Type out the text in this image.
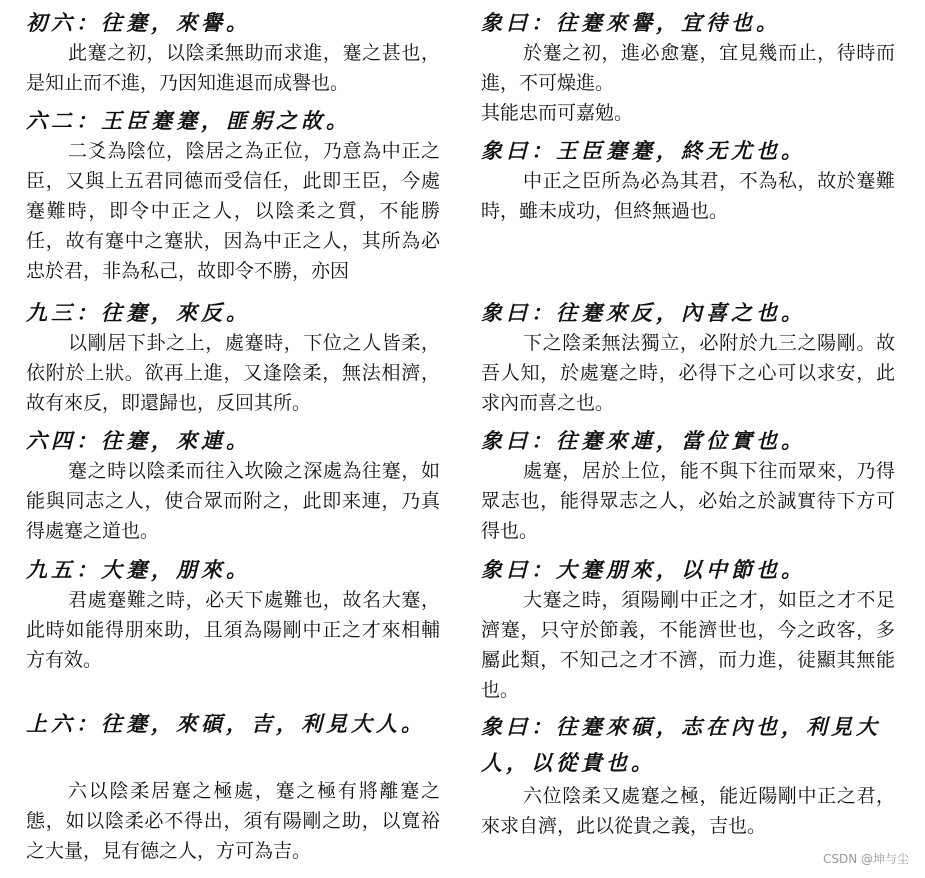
初六：往蹇，來譽。

此蹇之初，以陰柔無助而求進，蹇之甚也，是知止而不進，乃因知進退而成譽也。

象曰：往蹇來譽，宜待也。

於蹇之初，進必愈蹇，宜見幾而止，待時而進，不可燥進。

其能忠而可嘉勉。

六二：王臣蹇蹇，匪躬之故。

二爻為陰位，陰居之為正位，乃意為中正之臣，又與上五君同德而受信任，此即王臣，今處蹇難時，即令中正之人，以陰柔之質，不能勝任，故有蹇中之蹇狀，因為中正之人，其所為必忠於君，非為私己，故即令不勝，亦因

象曰：王臣蹇蹇，終无尤也。

中正之臣所為必為其君，不為私，故於蹇難時，雖未成功，但終無過也。

九三：往蹇，來反。

以剛居下卦之上，處蹇時，下位之人皆柔，依附於上狀。欲再上進，又逢陰柔，無法相濟，故有來反，即還歸也，反回其所。

象曰：往蹇來反，內喜之也。

下之陰柔無法獨立，必附於九三之陽剛。故吾人知，於處蹇之時，必得下之心可以求安，此求內而喜之也。

六四：往蹇，來連。

蹇之時以陰柔而往入坎險之深處為往蹇，如能與同志之人，使合眾而附之，此即来連，乃真得處蹇之道也。

象曰：往蹇來連，當位實也。

處蹇，居於上位，能不與下往而眾來，乃得眾志也，能得眾志之人，必始之於誠實待下方可得也。

九五：大蹇，朋來。

君處蹇難之時，必天下處難也，故名大蹇，此時如能得朋來助，且須為陽剛中正之才來相輔方有效。

象曰：大蹇朋來，以中節也。

大蹇之時，須陽剛中正之才，如臣之才不足濟蹇，只守於節義，不能濟世也，今之政客，多屬此類，不知己之才不濟，而力進，徒顯其無能也。

上六：往蹇，來碩，吉，利見大人。

六以陰柔居蹇之極處，蹇之極有將離蹇之態，如以陰柔必不得出，須有陽剛之助，以寬裕之大量，見有德之人，方可為吉。

象曰：往蹇來碩，志在內也，利見大人，以從貴也。

六位陰柔又處蹇之極，能近陽剛中正之君，來求自濟，此以從貴之義，吉也。

CSDN @坤与尘
